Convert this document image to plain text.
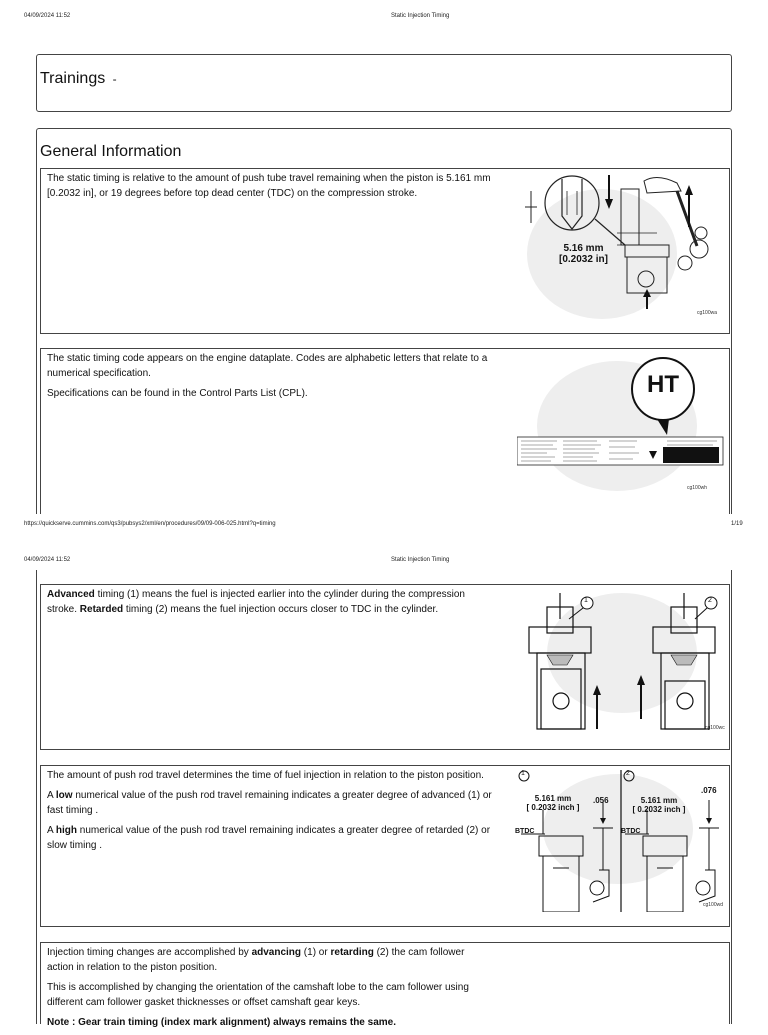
04/09/2024 11:52	Static Injection Timing
Trainings -
General Information
The static timing is relative to the amount of push tube travel remaining when the piston is 5.161 mm [0.2032 in], or 19 degrees before top dead center (TDC) on the compression stroke.
5.16 mm
[0.2032 in]
cg100wa

The static timing code appears on the engine dataplate. Codes are alphabetic letters that relate to a numerical specification.

Specifications can be found in the Control Parts List (CPL).	HT
cg100wh
https://quickserve.cummins.com/qs3/pubsys2/xml/en/procedures/09/09-006-025.html?q=timing	1/19
04/09/2024 11:52	Static Injection Timing
Advanced timing (1) means the fuel is injected earlier into the cylinder during the compression stroke. Retarded timing (2) means the fuel injection occurs closer to TDC in the cylinder.
1	2
cg100wc

The amount of push rod travel determines the time of fuel injection in relation to the piston position.

A low numerical value of the push rod travel remaining indicates a greater degree of advanced (1) or fast timing .

A high numerical value of the push rod travel remaining indicates a greater degree of retarded (2) or slow timing .

1	2
5.161 mm
[ 0.2032 inch ]
.056	5.161 mm
[ 0.2032 inch ]
.076
BTDC	BTDC
cg100wd

Injection timing changes are accomplished by advancing (1) or retarding (2) the cam follower action in relation to the piston position.

This is accomplished by changing the orientation of the camshaft lobe to the cam follower using different cam follower gasket thicknesses or offset camshaft gear keys.

Note : Gear train timing (index mark alignment) always remains the same.
